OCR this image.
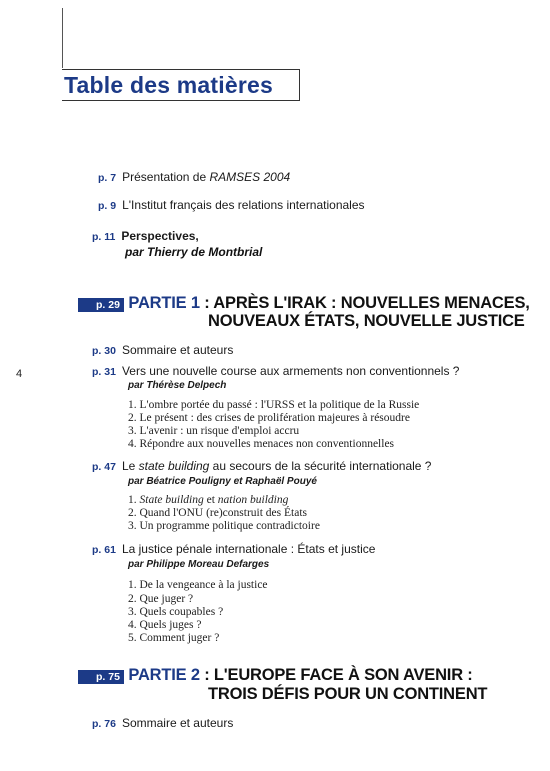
Table des matières
4
p. 7 Présentation de RAMSES 2004
p. 9 L'Institut français des relations internationales
p. 11 Perspectives,
par Thierry de Montbrial
p. 29 PARTIE 1 : APRÈS L'IRAK : NOUVELLES MENACES,
NOUVEAUX ÉTATS, NOUVELLE JUSTICE
p. 30 Sommaire et auteurs
p. 31 Vers une nouvelle course aux armements non conventionnels ?
par Thérèse Delpech
1. L'ombre portée du passé : l'URSS et la politique de la Russie
2. Le présent : des crises de prolifération majeures à résoudre
3. L'avenir : un risque d'emploi accru
4. Répondre aux nouvelles menaces non conventionnelles
p. 47 Le state building au secours de la sécurité internationale ?
par Béatrice Pouligny et Raphaël Pouyé
1. State building et nation building
2. Quand l'ONU (re)construit des États
3. Un programme politique contradictoire
p. 61 La justice pénale internationale : États et justice
par Philippe Moreau Defarges
1. De la vengeance à la justice
2. Que juger ?
3. Quels coupables ?
4. Quels juges ?
5. Comment juger ?
p. 75 PARTIE 2 : L'EUROPE FACE À SON AVENIR :
TROIS DÉFIS POUR UN CONTINENT
p. 76 Sommaire et auteurs
